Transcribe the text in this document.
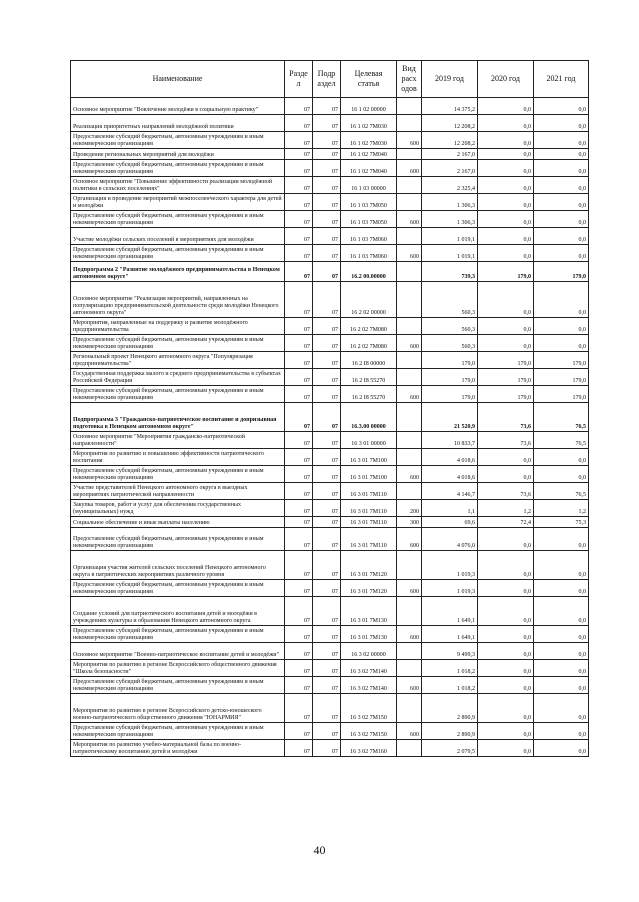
Наименование	Разде л	Подр аздел	Целевая статья	Вид расх одов	2019 год	2020 год	2021 год
Основное мероприятие "Вовлечение молодёжи в социальную практику"	07	07	16 1 02 00000		14 375,2	0,0	0,0
Реализация приоритетных направлений молодёжной политики	07	07	16 1 02 7М030		12 208,2	0,0	0,0
Предоставление субсидий бюджетным, автономным учреждениям и иным некоммерческим организациям	07	07	16 1 02 7М030	600	12 208,2	0,0	0,0
Проведение региональных мероприятий для молодёжи	07	07	16 1 02 7М040		2 167,0	0,0	0,0
Предоставление субсидий бюджетным, автономным учреждениям и иным некоммерческим организациям	07	07	16 1 02 7М040	600	2 167,0	0,0	0,0
Основное мероприятие "Повышение эффективности реализации молодёжной политики в сельских поселениях"	07	07	16 1 03 00000		2 325,4	0,0	0,0
Организация и проведение мероприятий межпоселенческого характера для детей и молодёжи	07	07	16 1 03 7М050		1 306,3	0,0	0,0
Предоставление субсидий бюджетным, автономным учреждениям и иным некоммерческим организациям	07	07	16 1 03 7М050	600	1 306,3	0,0	0,0
Участие молодёжи сельских поселений в мероприятиях для молодёжи	07	07	16 1 03 7М060		1 019,1	0,0	0,0
Предоставление субсидий бюджетным, автономным учреждениям и иным некоммерческим организациям	07	07	16 1 03 7М060	600	1 019,1	0,0	0,0
Подпрограмма 2 "Развитие молодёжного предпринимательства в Ненецком автономном округе"	07	07	16.2 00.00000		739,3	179,0	179,0
Основное мероприятие "Реализация мероприятий, направленных на популяризацию предпринимательской деятельности среди молодёжи Ненецкого автономного округа"	07	07	16 2 02 00000		560,3	0,0	0,0
Мероприятия, направленные на поддержку и развитие молодёжного предпринимательства	07	07	16 2 02 7М080		560,3	0,0	0,0
Предоставление субсидий бюджетным, автономным учреждениям и иным некоммерческим организациям	07	07	16 2 02 7М080	600	560,3	0,0	0,0
Региональный проект Ненецкого автономного округа "Популяризация предпринимательства"	07	07	16 2 I8 00000		179,0	179,0	179,0
Государственная поддержка малого и среднего предпринимательства в субъектах Российской Федерации	07	07	16 2 I8 55270		179,0	179,0	179,0
Предоставление субсидий бюджетным, автономным учреждениям и иным некоммерческим организациям	07	07	16 2 I8 55270	600	179,0	179,0	179,0
Подпрограмма 3 "Гражданско-патриотическое воспитание и допризывная подготовка в Ненецком автономном округе"	07	07	16.3.00 00000		21 520,9	73,6	76,5
Основное мероприятие "Мероприятия гражданско-патриотической направленности"	07	07	16 3 01 00000		10 833,7	73,6	76,5
Мероприятия по развитию и повышению эффективности патриотического воспитания	07	07	16 3 01 7М100		4 018,6	0,0	0,0
Предоставление субсидий бюджетным, автономным учреждениям и иным некоммерческим организациям	07	07	16 3 01 7М100	600	4 018,6	0,0	0,0
Участие представителей Ненецкого автономного округа в выездных мероприятиях патриотической направленности	07	07	16 3 01 7М110		4 146,7	73,6	76,5
Закупка товаров, работ и услуг для обеспечения государственных (муниципальных) нужд	07	07	16 3 01 7М110	200	1,1	1,2	1,2
Социальное обеспечение и иные выплаты населению	07	07	16 3 01 7М110	300	69,6	72,4	75,3
Предоставление субсидий бюджетным, автономным учреждениям и иным некоммерческим организациям	07	07	16 3 01 7М110	600	4 076,0	0,0	0,0
Организация участия жителей сельских поселений Ненецкого автономного округа в патриотических мероприятиях различного уровня	07	07	16 3 01 7М120		1 019,3	0,0	0,0
Предоставление субсидий бюджетным, автономным учреждениям и иным некоммерческим организациям	07	07	16 3 01 7М120	600	1 019,3	0,0	0,0
Создание условий для патриотического воспитания детей и молодёжи в учреждениях культуры и образования Ненецкого автономного округа	07	07	16 3 01 7М130		1 649,1	0,0	0,0
Предоставление субсидий бюджетным, автономным учреждениям и иным некоммерческим организациям	07	07	16 3 01 7М130	600	1 649,1	0,0	0,0
Основное мероприятие "Военно-патриотическое воспитание детей и молодёжи"	07	07	16 3 02 00000		9 499,3	0,0	0,0
Мероприятия по развитию в регионе Всероссийского общественного движения "Школа безопасности"	07	07	16 3 02 7М140		1 018,2	0,0	0,0
Предоставление субсидий бюджетным, автономным учреждениям и иным некоммерческим организациям	07	07	16 3 02 7М140	600	1 018,2	0,0	0,0
Мероприятия по развитию в регионе Всероссийского детско-юношеского военно-патриотического общественного движения "ЮНАРМИЯ"	07	07	16 3 02 7М150		2 890,9	0,0	0,0
Предоставление субсидий бюджетным, автономным учреждениям и иным некоммерческим организациям	07	07	16 3 02 7М150	600	2 890,9	0,0	0,0
Мероприятия по развитию учебно-материальной базы по военно-патриотическому воспитанию детей и молодёжи	07	07	16 3 02 7М160		2 079,5	0,0	0,0
40
